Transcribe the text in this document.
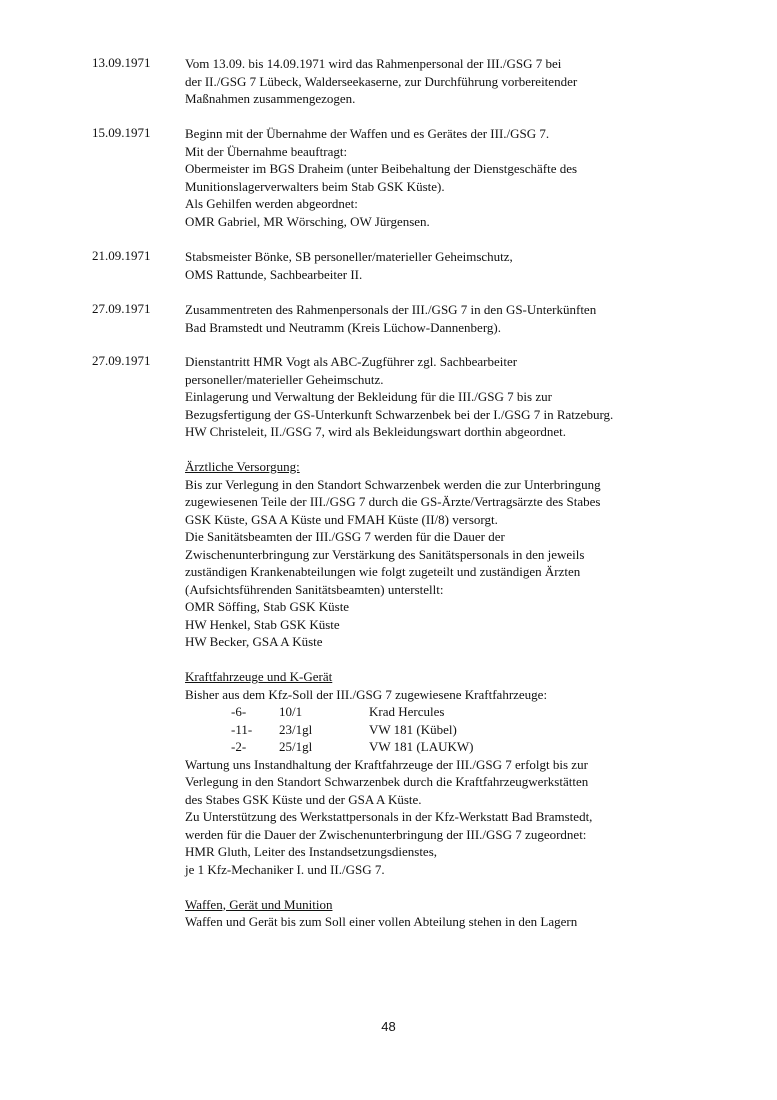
13.09.1971	Vom 13.09. bis 14.09.1971 wird das Rahmenpersonal der III./GSG 7 bei
der II./GSG 7 Lübeck, Walderseekaserne, zur Durchführung vorbereitender
Maßnahmen zusammengezogen.
15.09.1971	Beginn mit der Übernahme der Waffen und es Gerätes der III./GSG 7.
Mit der Übernahme beauftragt:
Obermeister im BGS Draheim (unter Beibehaltung der Dienstgeschäfte des
Munitionslagerverwalters beim Stab GSK Küste).
Als Gehilfen werden abgeordnet:
OMR Gabriel, MR Wörsching, OW Jürgensen.
21.09.1971	Stabsmeister Bönke, SB personeller/materieller Geheimschutz,
OMS Rattunde, Sachbearbeiter II.
27.09.1971	Zusammentreten des Rahmenpersonals der III./GSG 7 in den GS-Unterkünften
Bad Bramstedt und Neutramm (Kreis Lüchow-Dannenberg).
27.09.1971	Dienstantritt HMR Vogt als ABC-Zugführer zgl. Sachbearbeiter
personeller/materieller Geheimschutz.
Einlagerung und Verwaltung der Bekleidung für die III./GSG 7 bis zur
Bezugsfertigung der GS-Unterkunft Schwarzenbek bei der I./GSG 7 in Ratzeburg.
HW Christeleit, II./GSG 7, wird als Bekleidungswart dorthin abgeordnet.
Ärztliche Versorgung:
Bis zur Verlegung in den Standort Schwarzenbek werden die zur Unterbringung
zugewiesenen Teile der III./GSG 7 durch die GS-Ärzte/Vertragsärzte des Stabes
GSK Küste, GSA A Küste und FMAH Küste (II/8) versorgt.
Die Sanitätsbeamten der III./GSG 7 werden für die Dauer der
Zwischenunterbringung zur Verstärkung des Sanitätspersonals in den jeweils
zuständigen Krankenabteilungen wie folgt zugeteilt und zuständigen Ärzten
(Aufsichtsführenden Sanitätsbeamten) unterstellt:
OMR Söffing, Stab GSK Küste
HW Henkel, Stab GSK Küste
HW Becker, GSA A Küste
Kraftfahrzeuge und K-Gerät
Bisher aus dem Kfz-Soll der III./GSG 7 zugewiesene Kraftfahrzeuge:
-6-	10/1	Krad Hercules
-11- 23/1gl	VW 181 (Kübel)
-2-	25/1gl	VW 181 (LAUKW)
Wartung uns Instandhaltung der Kraftfahrzeuge der III./GSG 7 erfolgt bis zur
Verlegung in den Standort Schwarzenbek durch die Kraftfahrzeugwerkstätten
des Stabes GSK Küste und der GSA A Küste.
Zu Unterstützung des Werkstattpersonals in der Kfz-Werkstatt Bad Bramstedt,
werden für die Dauer der Zwischenunterbringung der III./GSG 7 zugeordnet:
HMR Gluth, Leiter des Instandsetzungsdienstes,
je 1 Kfz-Mechaniker I. und II./GSG 7.
Waffen, Gerät und Munition
Waffen und Gerät bis zum Soll einer vollen Abteilung stehen in den Lagern
48
